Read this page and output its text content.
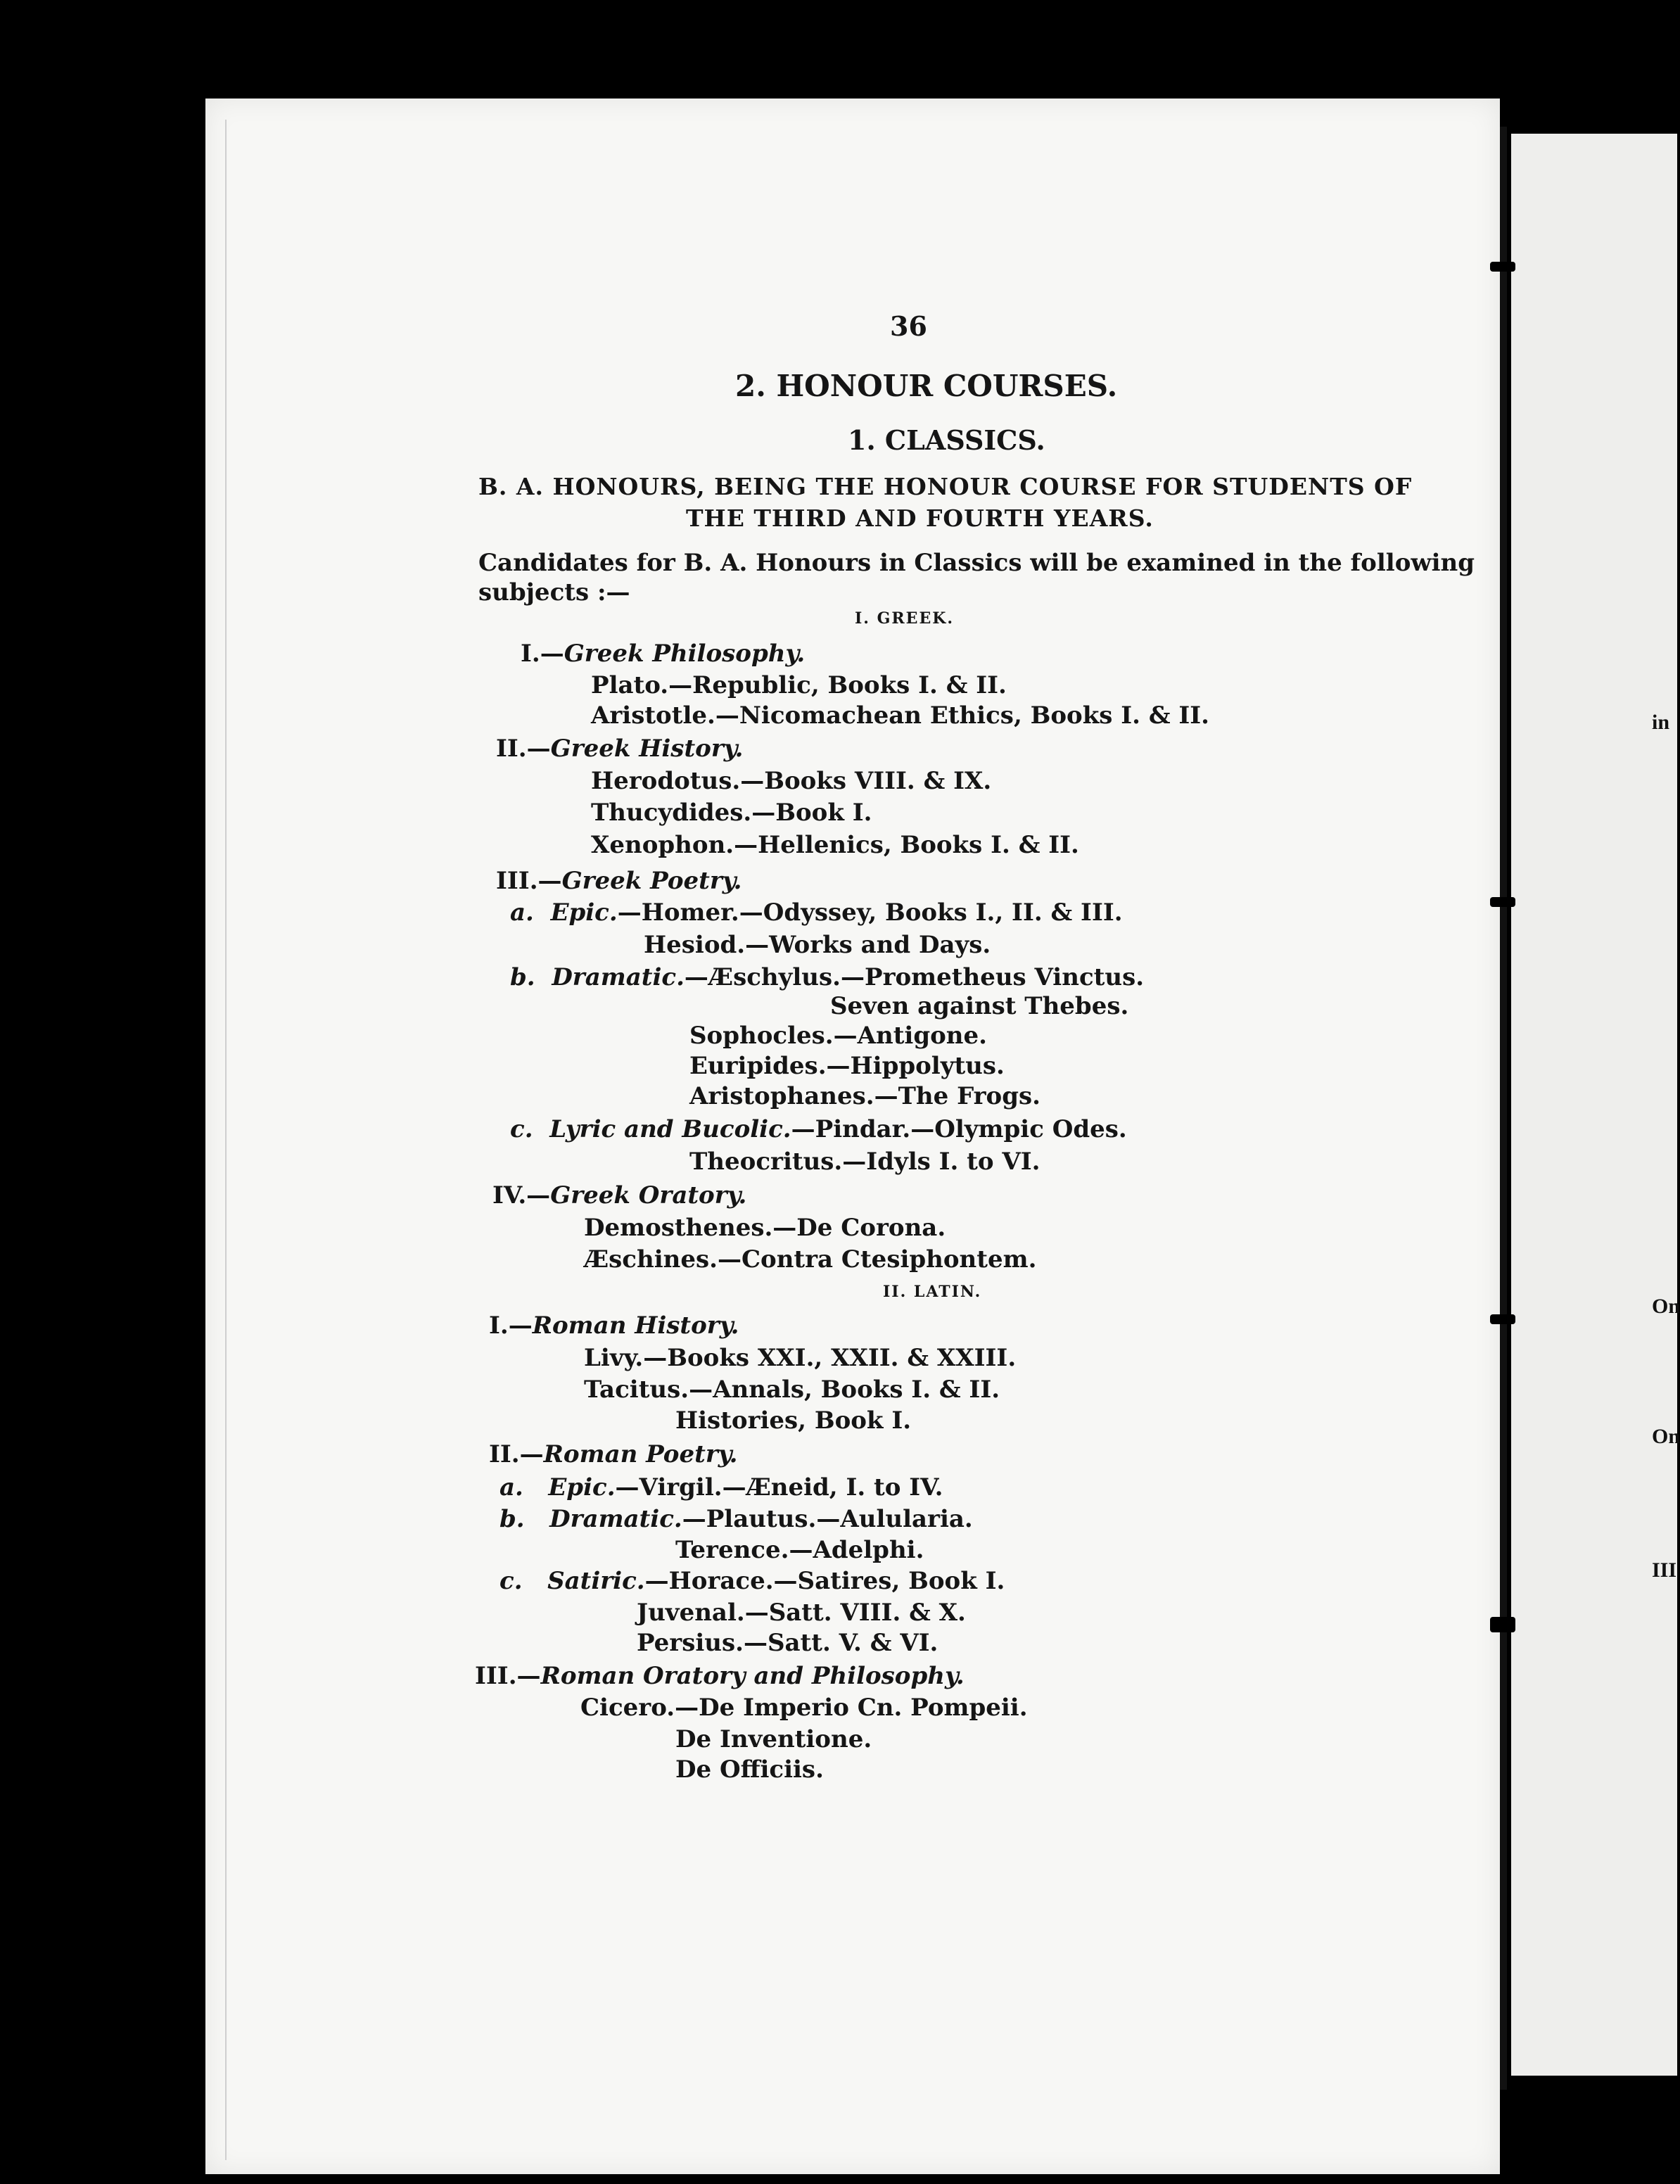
in
On
On
III
36
2. HONOUR COURSES.
1. CLASSICS.
B. A. HONOURS, BEING THE HONOUR COURSE FOR STUDENTS OF
THE THIRD AND FOURTH YEARS.
Candidates for B. A. Honours in Classics will be examined in the following
subjects :—
I. GREEK.
I.—Greek Philosophy.
Plato.—Republic, Books I. & II.
Aristotle.—Nicomachean Ethics, Books I. & II.
II.—Greek History.
Herodotus.—Books VIII. & IX.
Thucydides.—Book I.
Xenophon.—Hellenics, Books I. & II.
III.—Greek Poetry.
a. Epic.—Homer.—Odyssey, Books I., II. & III.
Hesiod.—Works and Days.
b. Dramatic.—Æschylus.—Prometheus Vinctus.
Seven against Thebes.
Sophocles.—Antigone.
Euripides.—Hippolytus.
Aristophanes.—The Frogs.
c. Lyric and Bucolic.—Pindar.—Olympic Odes.
Theocritus.—Idyls I. to VI.
IV.—Greek Oratory.
Demosthenes.—De Corona.
Æschines.—Contra Ctesiphontem.
II. LATIN.
I.—Roman History.
Livy.—Books XXI., XXII. & XXIII.
Tacitus.—Annals, Books I. & II.
Histories, Book I.
II.—Roman Poetry.
a. Epic.—Virgil.—Æneid, I. to IV.
b. Dramatic.—Plautus.—Aulularia.
Terence.—Adelphi.
c. Satiric.—Horace.—Satires, Book I.
Juvenal.—Satt. VIII. & X.
Persius.—Satt. V. & VI.
III.—Roman Oratory and Philosophy.
Cicero.—De Imperio Cn. Pompeii.
De Inventione.
De Officiis.
